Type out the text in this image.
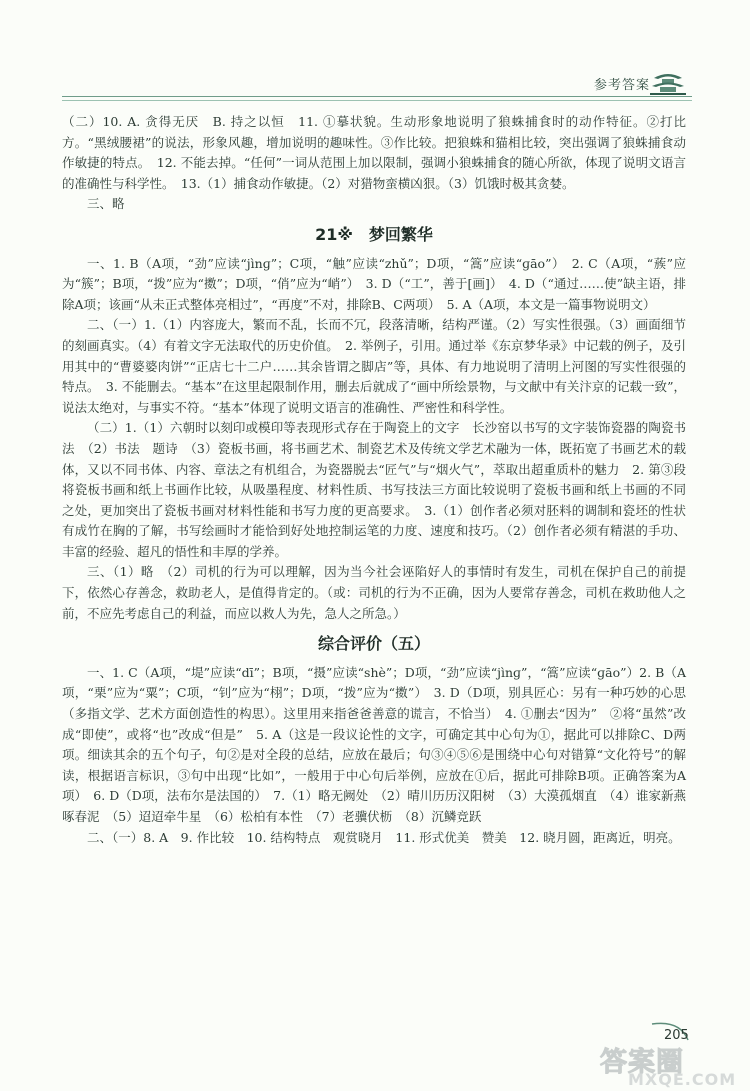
参考答案

（二）10. A. 贪得无厌　B. 持之以恒　11. ①摹状貌。生动形象地说明了狼蛛捕食时的动作特征。②打比方。“黑绒腰裙”的说法，形象风趣，增加说明的趣味性。③作比较。把狼蛛和猫相比较，突出强调了狼蛛捕食动作敏捷的特点。　12. 不能去掉。“任何”一词从范围上加以限制，强调小狼蛛捕食的随心所欲，体现了说明文语言的准确性与科学性。　13.（1）捕食动作敏捷。（2）对猎物蛮横凶狠。（3）饥饿时极其贪婪。

三、略

21※　梦回繁华

一、1. B（A项，“劲”应读“jìnɡ”；C项，“触”应读“zhǔ”；D项，“篙”应读“ɡāo”）　2. C（A项，“蔟”应为“簇”；B项，“拨”应为“擞”；D项，“俏”应为“峭”）　3. D（“工”，善于[画]）　4. D（“通过……使”缺主语，排除A项；该画“从未正式整体亮相过”，“再度”不对，排除B、C两项）　5. A（A项，本文是一篇事物说明文）

二、（一）1.（1）内容庞大，繁而不乱，长而不冗，段落清晰，结构严谨。（2）写实性很强。（3）画面细节的刻画真实。（4）有着文字无法取代的历史价值。　2. 举例子，引用。通过举《东京梦华录》中记载的例子，及引用其中的“曹婆婆肉饼”“正店七十二户……其余皆谓之脚店”等，具体、有力地说明了清明上河图的写实性很强的特点。　3. 不能删去。“基本”在这里起限制作用，删去后就成了“画中所绘景物，与文献中有关汴京的记载一致”，说法太绝对，与事实不符。“基本”体现了说明文语言的准确性、严密性和科学性。

（二）1.（1）六朝时以刻印或模印等表现形式存在于陶瓷上的文字　长沙窑以书写的文字装饰瓷器的陶瓷书法　（2）书法　题诗　（3）瓷板书画，将书画艺术、制瓷艺术及传统文学艺术融为一体，既拓宽了书画艺术的载体，又以不同书体、内容、章法之有机组合，为瓷器脱去“匠气”与“烟火气”，萃取出超重质朴的魅力　2. 第③段将瓷板书画和纸上书画作比较，从吸墨程度、材料性质、书写技法三方面比较说明了瓷板书画和纸上书画的不同之处，更加突出了瓷板书画对材料性能和书写力度的更高要求。　3.（1）创作者必须对胚料的调制和瓷坯的性状有成竹在胸的了解，书写绘画时才能恰到好处地控制运笔的力度、速度和技巧。（2）创作者必须有精湛的手功、丰富的经验、超凡的悟性和丰厚的学养。

三、（1）略　（2）司机的行为可以理解，因为当今社会诬陷好人的事情时有发生，司机在保护自己的前提下，依然心存善念，救助老人，是值得肯定的。（或：司机的行为不正确，因为人要常存善念，司机在救助他人之前，不应先考虑自己的利益，而应以救人为先，急人之所急。）

综合评价（五）

一、1. C（A项，“堤”应读“dī”；B项，“摄”应读“shè”；D项，“劲”应读“jìnɡ”，“篙”应读“ɡāo”）2. B（A项，“栗”应为“粟”；C项，“钊”应为“栩”；D项，“拨”应为“擞”）　3. D（D项，别具匠心：另有一种巧妙的心思（多指文学、艺术方面创造性的构思）。这里用来指爸爸善意的谎言，不恰当）　4. ①删去“因为”　②将“虽然”改成“即使”，或将“也”改成“但是”　5. A（这是一段议论性的文字，可确定其中心句为①，据此可以排除C、D两项。细读其余的五个句子，句②是对全段的总结，应放在最后；句③④⑤⑥是围绕中心句对错算“文化符号”的解读，根据语言标识，③句中出现“比如”，一般用于中心句后举例，应放在①后，据此可排除B项。正确答案为A项）　6. D（D项，法布尔是法国的）　7.（1）略无阙处　（2）晴川历历汉阳树　（3）大漠孤烟直　（4）谁家新燕啄春泥　（5）迢迢牵牛星　（6）松柏有本性　（7）老骥伏枥　（8）沉鳞竞跃

二、（一）8. A　9. 作比较　10. 结构特点　观赏晓月　11. 形式优美　赞美　12. 晓月圆，距离近，明亮。

205
答案圈
MXQE.COM
